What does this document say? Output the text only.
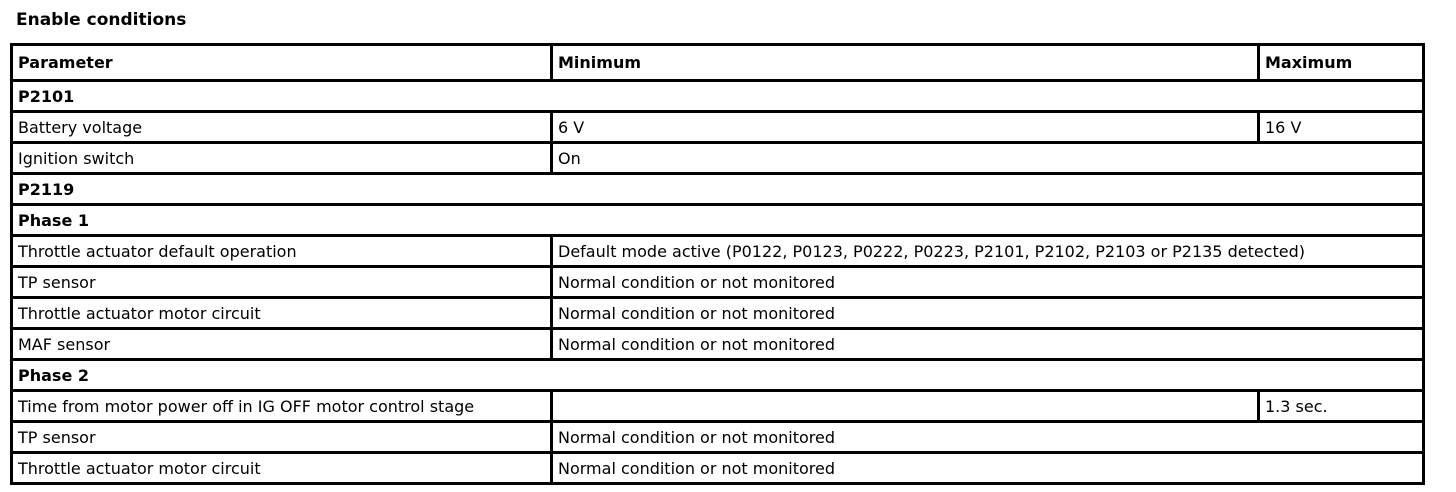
Enable conditions
Parameter	Minimum	Maximum
P2101		
Battery voltage	6 V	16 V
Ignition switch	On	
P2119		
Phase 1		
Throttle actuator default operation	Default mode active (P0122, P0123, P0222, P0223, P2101, P2102, P2103 or P2135 detected)	
TP sensor	Normal condition or not monitored	
Throttle actuator motor circuit	Normal condition or not monitored	
MAF sensor	Normal condition or not monitored	
Phase 2		
Time from motor power off in IG OFF motor control stage		1.3 sec.
TP sensor	Normal condition or not monitored	
Throttle actuator motor circuit	Normal condition or not monitored	
